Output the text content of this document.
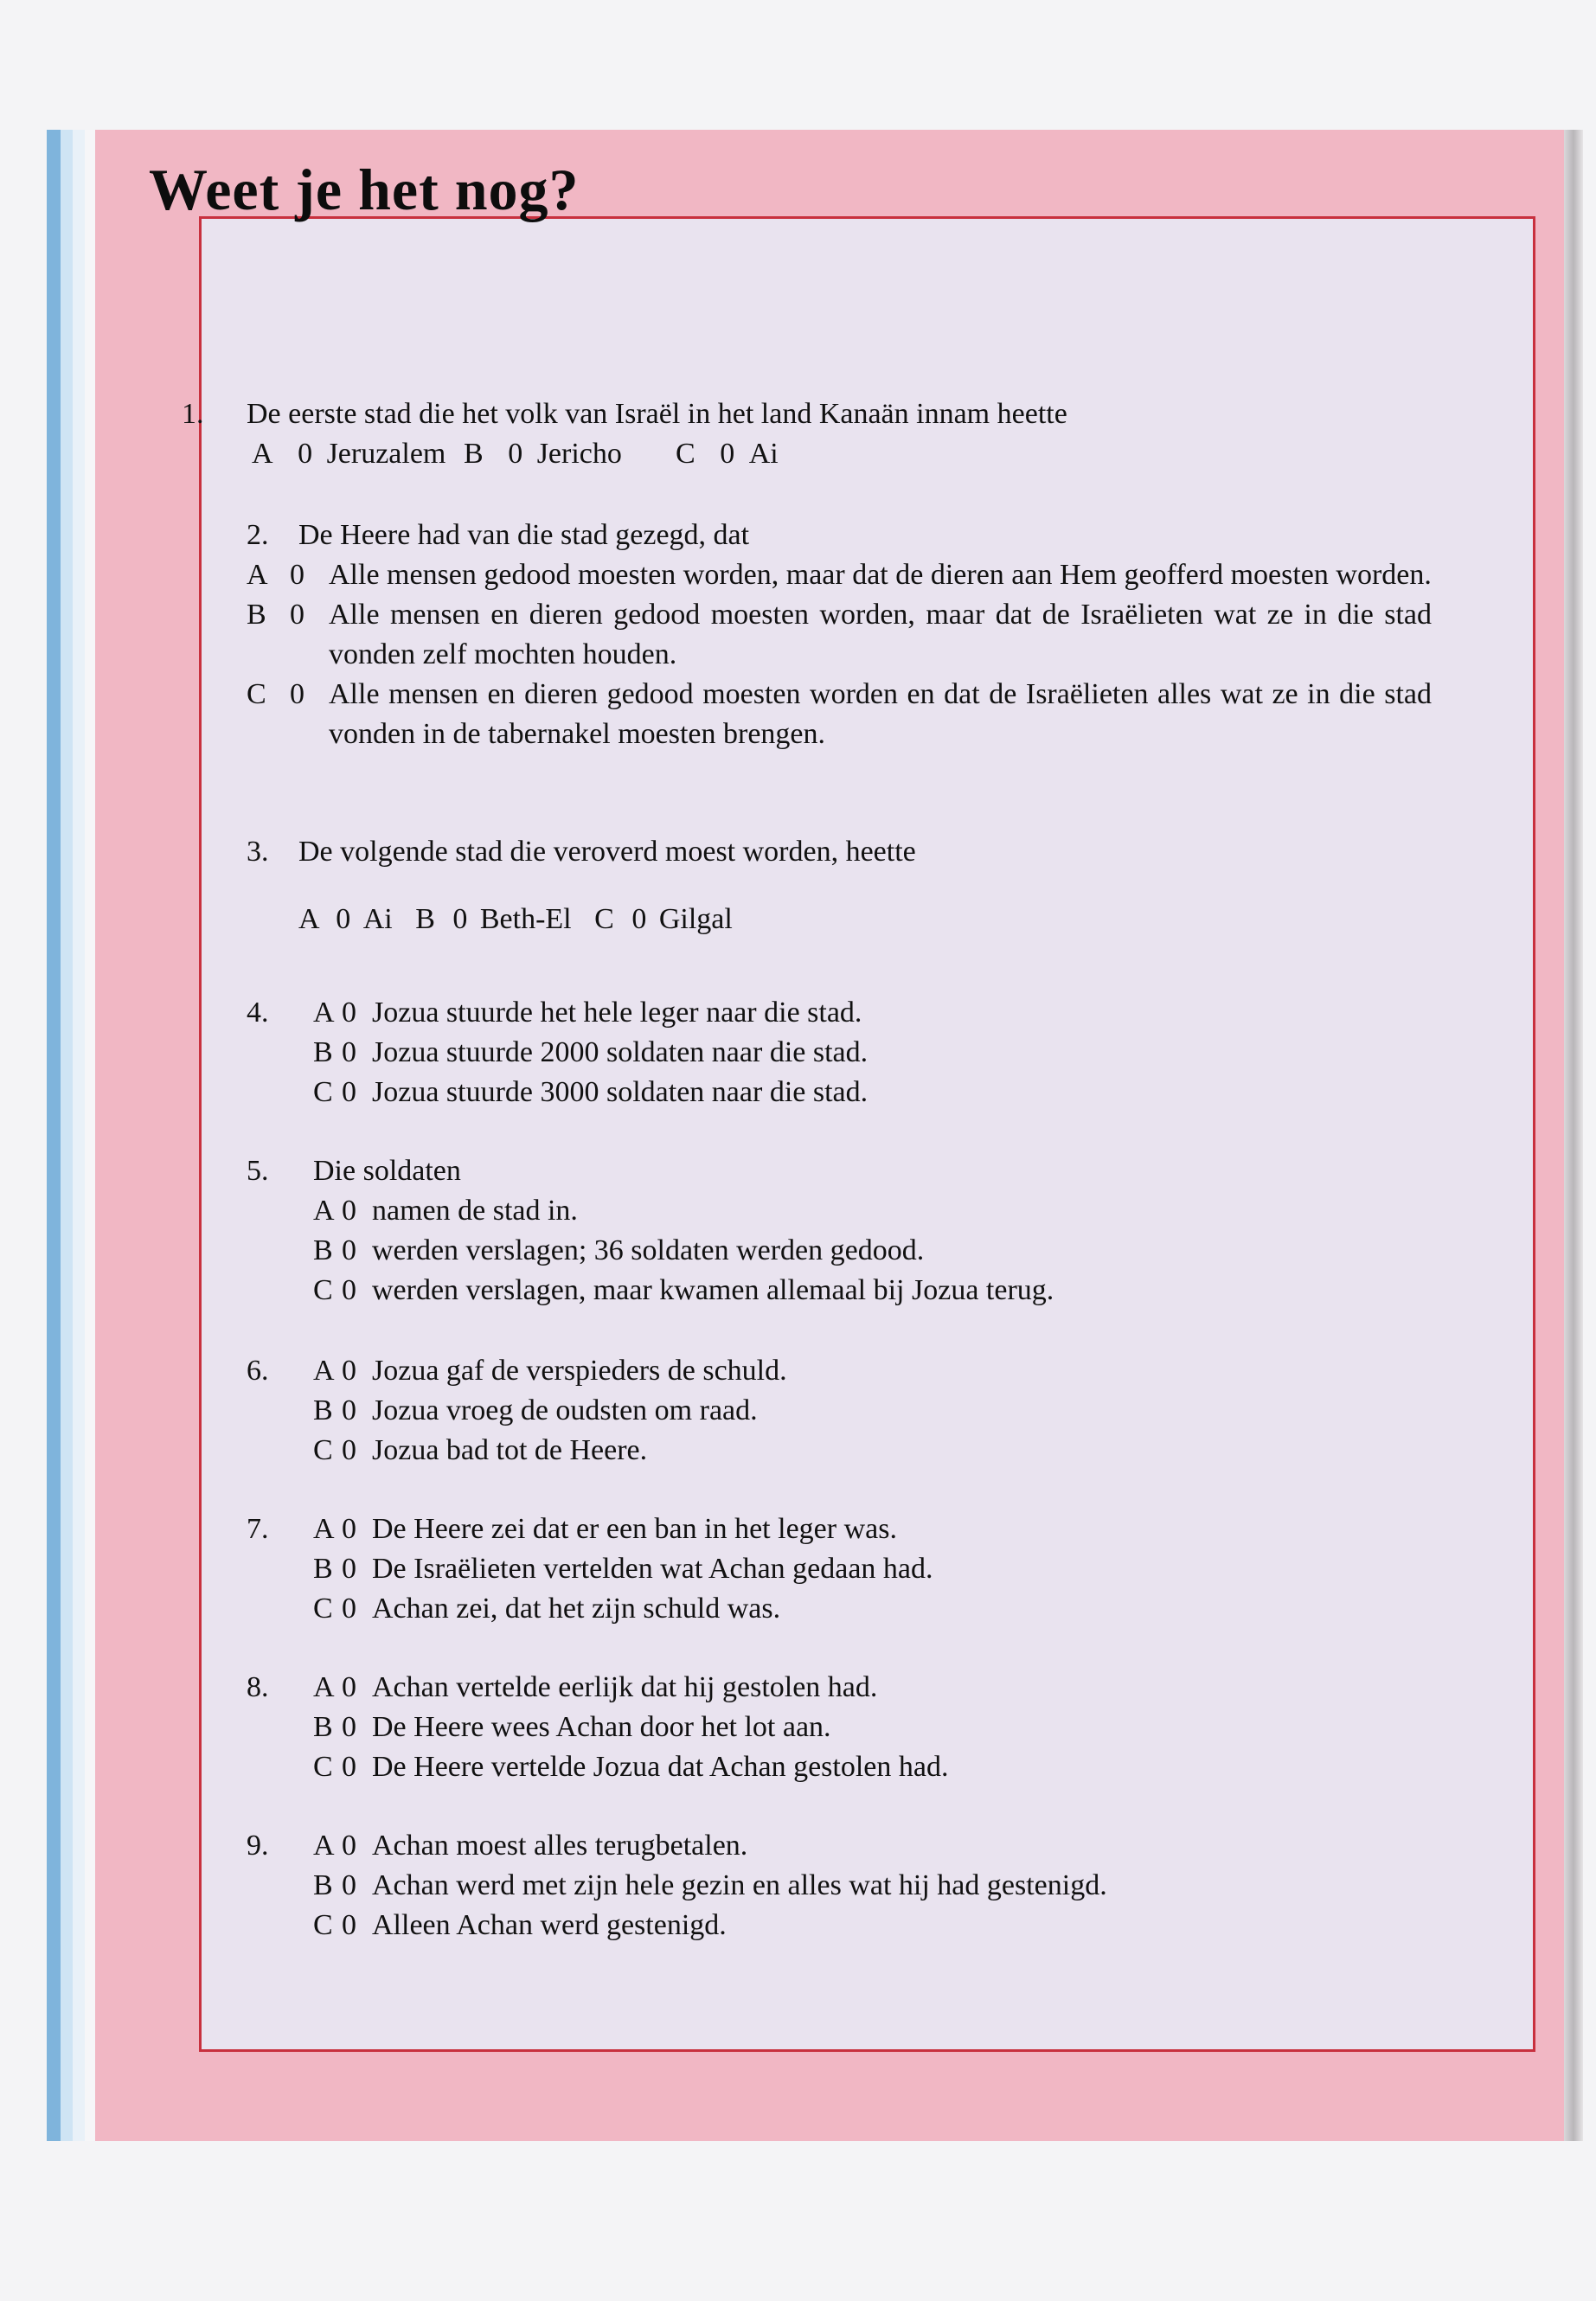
Weet je het nog?
1. De eerste stad die het volk van Israël in het land Kanaän innam heette
A 0 Jeruzalem B 0 Jericho C 0 Ai
2. De Heere had van die stad gezegd, dat
A 0 Alle mensen gedood moesten worden, maar dat de dieren aan Hem geofferd moesten worden.
B 0 Alle mensen en dieren gedood moesten worden, maar dat de Israëlieten wat ze in die stad vonden zelf mochten houden.
C 0 Alle mensen en dieren gedood moesten worden en dat de Israëlieten alles wat ze in die stad vonden in de tabernakel moesten brengen.
3. De volgende stad die veroverd moest worden, heette
A 0 Ai B 0 Beth-El C 0 Gilgal
4. A 0 Jozua stuurde het hele leger naar die stad.
B 0 Jozua stuurde 2000 soldaten naar die stad.
C 0 Jozua stuurde 3000 soldaten naar die stad.
5. Die soldaten
A 0 namen de stad in.
B 0 werden verslagen; 36 soldaten werden gedood.
C 0 werden verslagen, maar kwamen allemaal bij Jozua terug.
6. A 0 Jozua gaf de verspieders de schuld.
B 0 Jozua vroeg de oudsten om raad.
C 0 Jozua bad tot de Heere.
7. A 0 De Heere zei dat er een ban in het leger was.
B 0 De Israëlieten vertelden wat Achan gedaan had.
C 0 Achan zei, dat het zijn schuld was.
8. A 0 Achan vertelde eerlijk dat hij gestolen had.
B 0 De Heere wees Achan door het lot aan.
C 0 De Heere vertelde Jozua dat Achan gestolen had.
9. A 0 Achan moest alles terugbetalen.
B 0 Achan werd met zijn hele gezin en alles wat hij had gestenigd.
C 0 Alleen Achan werd gestenigd.
